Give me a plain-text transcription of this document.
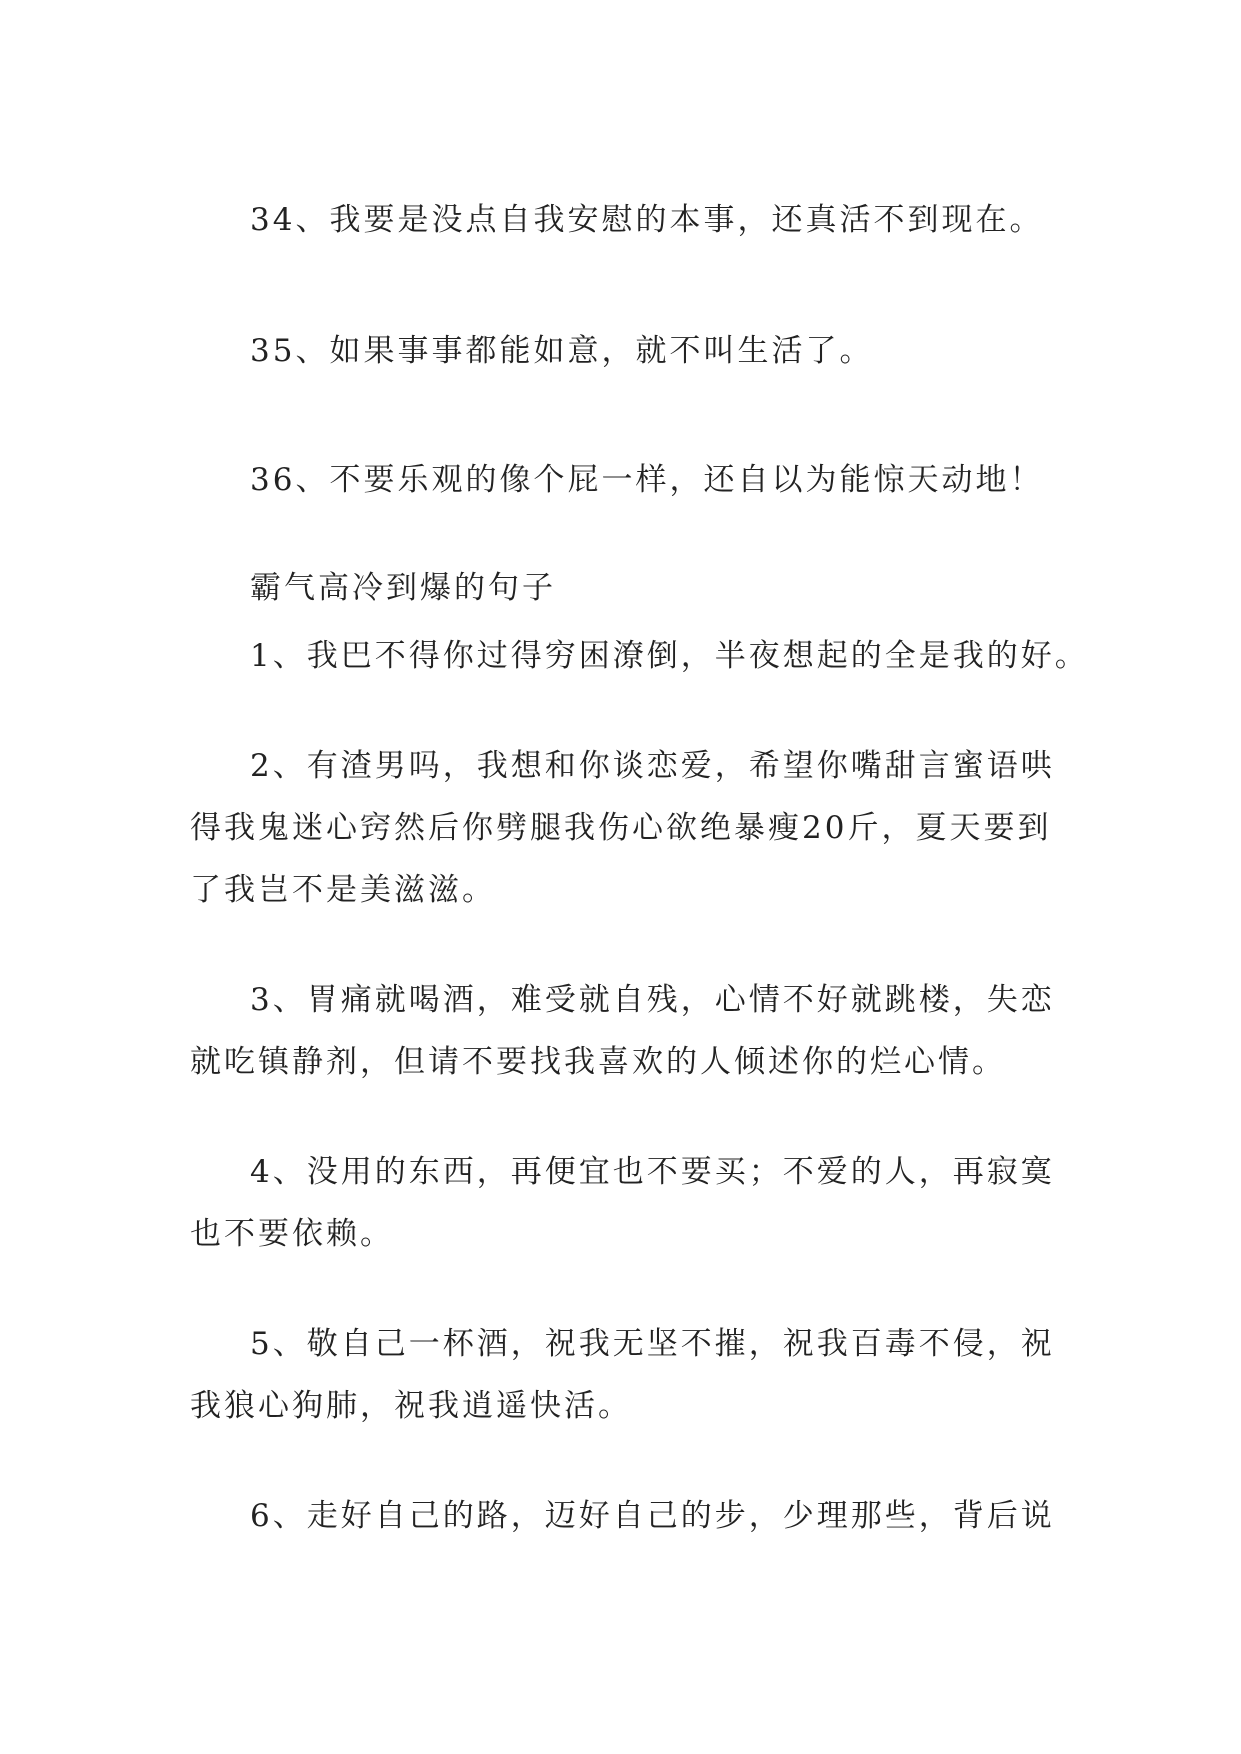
34、我要是没点自我安慰的本事，还真活不到现在。
35、如果事事都能如意，就不叫生活了。
36、不要乐观的像个屁一样，还自以为能惊天动地！
霸气高冷到爆的句子
1、我巴不得你过得穷困潦倒，半夜想起的全是我的好。
2、有渣男吗，我想和你谈恋爱，希望你嘴甜言蜜语哄
得我鬼迷心窍然后你劈腿我伤心欲绝暴瘦20斤，夏天要到
了我岂不是美滋滋。
3、胃痛就喝酒，难受就自残，心情不好就跳楼，失恋
就吃镇静剂，但请不要找我喜欢的人倾述你的烂心情。
4、没用的东西，再便宜也不要买；不爱的人，再寂寞
也不要依赖。
5、敬自己一杯酒，祝我无坚不摧，祝我百毒不侵，祝
我狼心狗肺，祝我逍遥快活。
6、走好自己的路，迈好自己的步，少理那些，背后说
